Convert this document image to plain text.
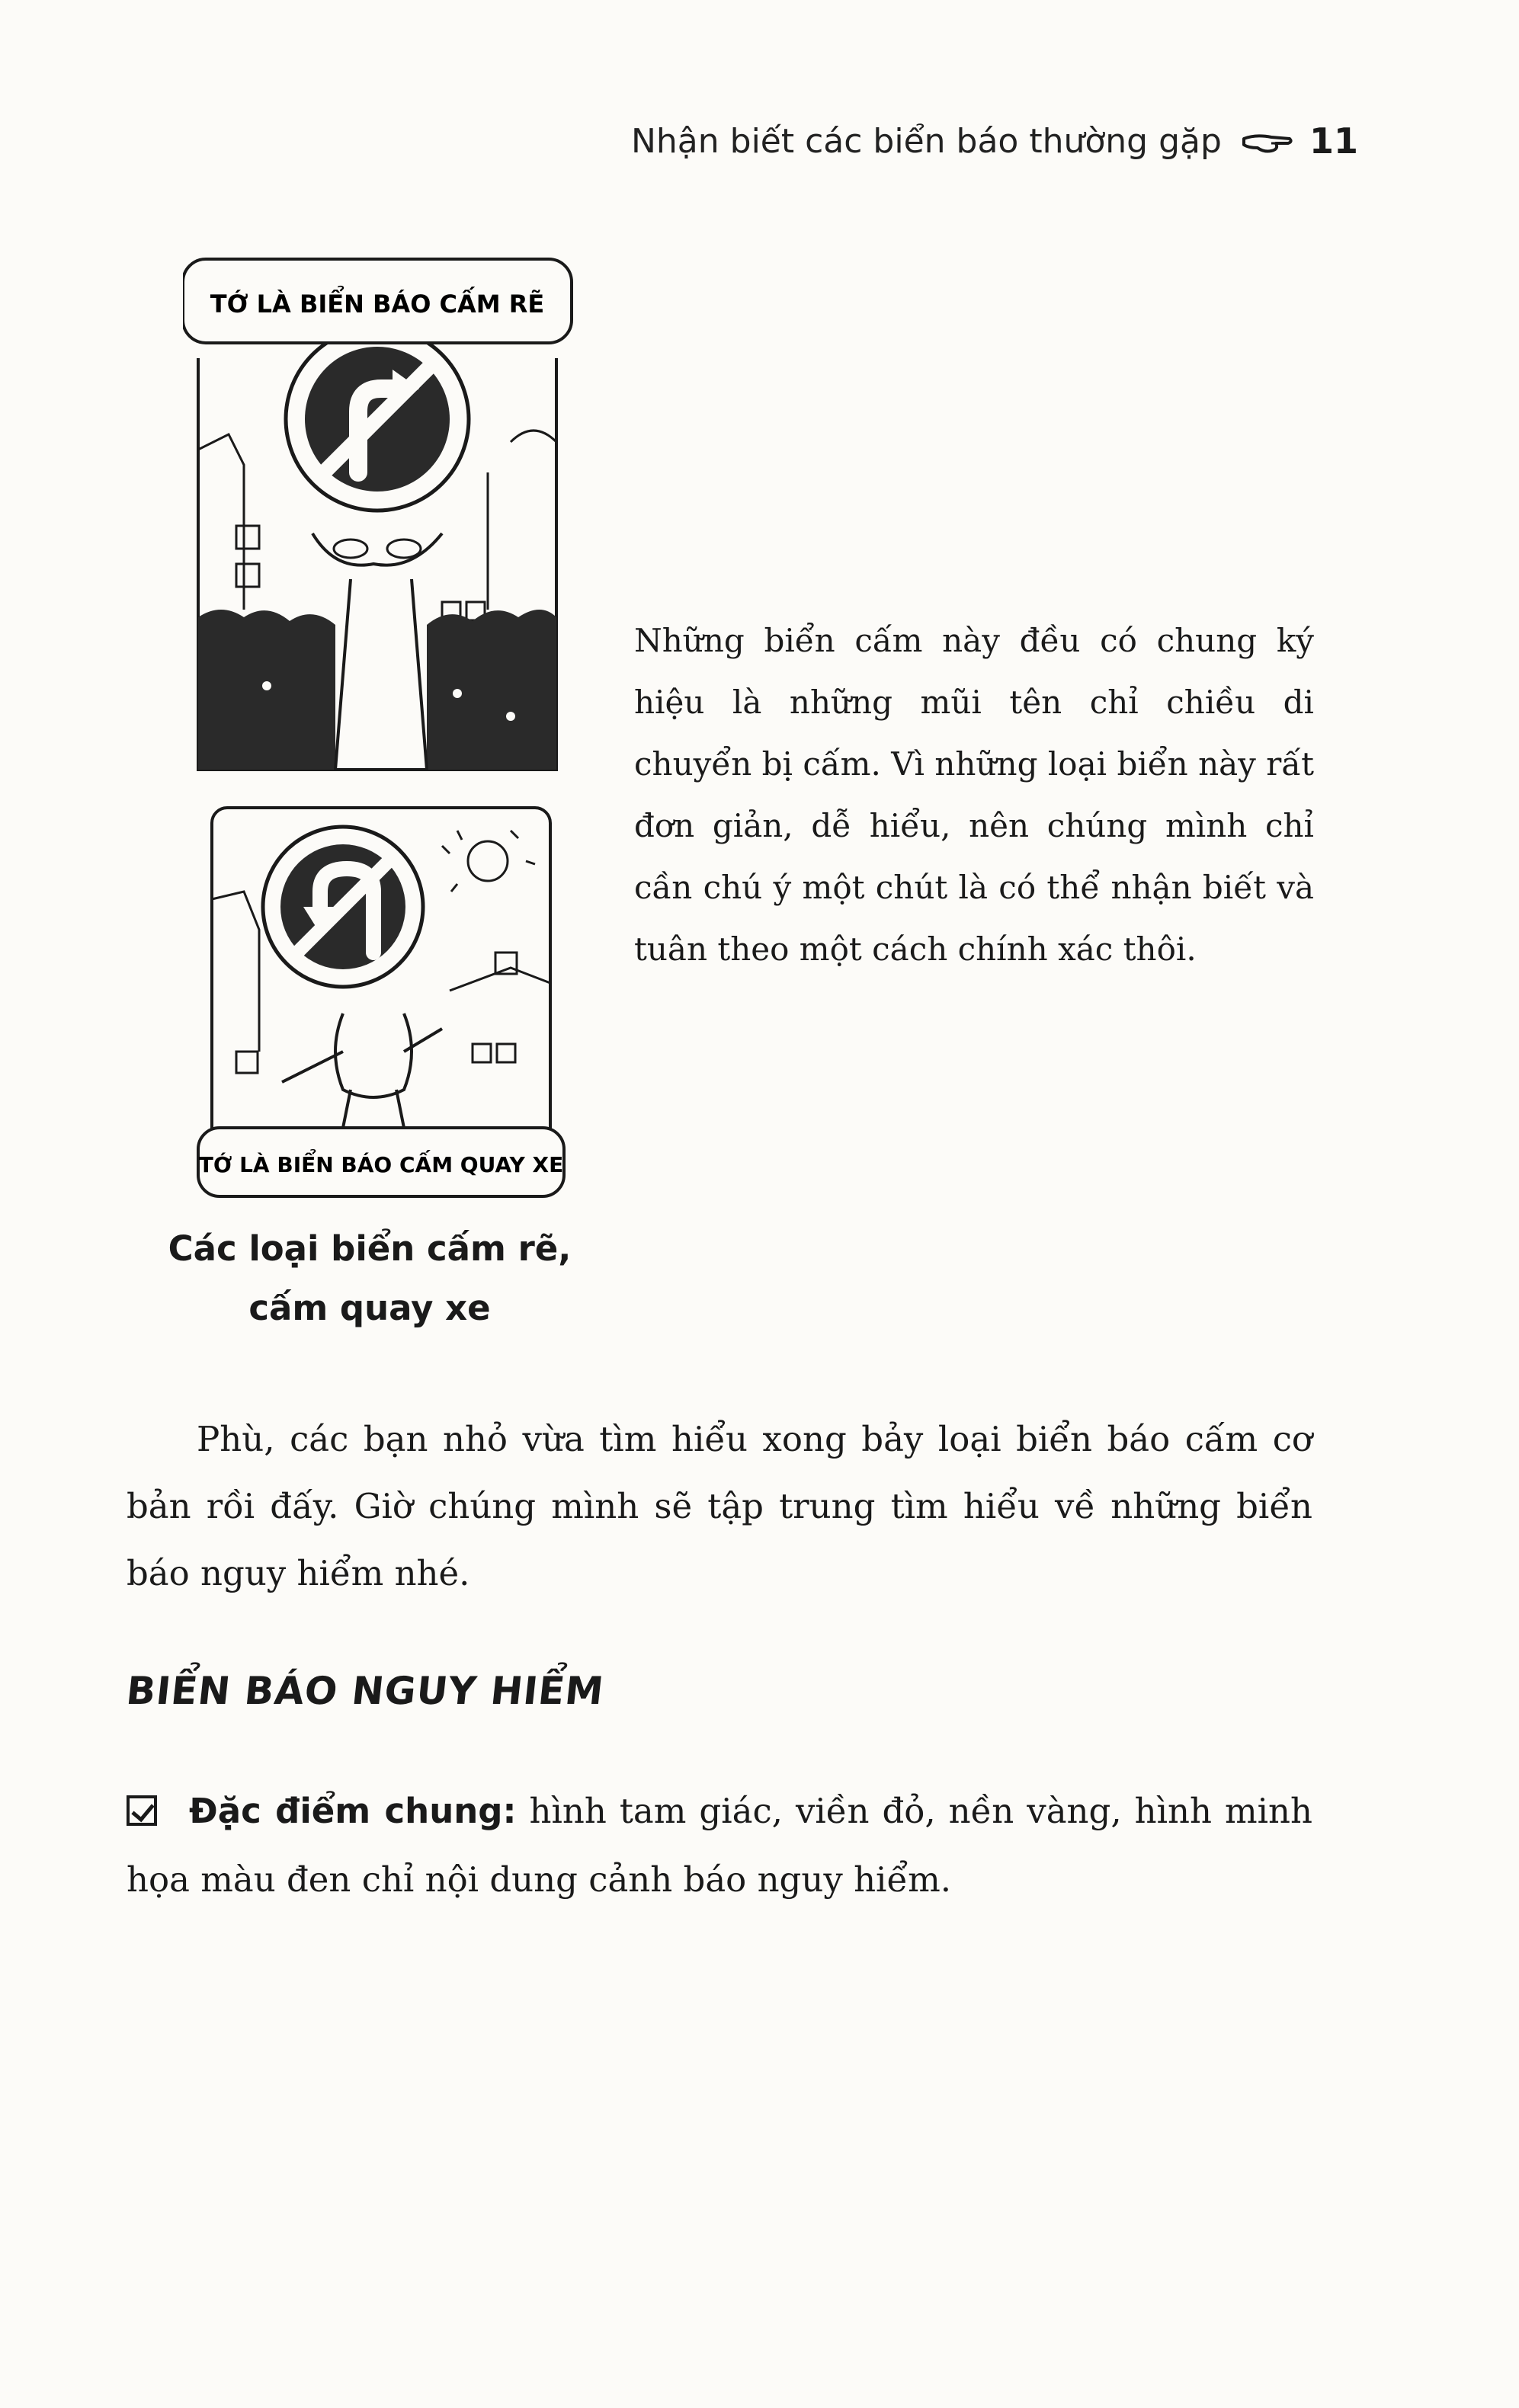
Nhận biết các biển báo thường gặp	11
TỚ LÀ BIỂN BÁO CẤM RẼ
TỚ LÀ BIỂN BÁO CẤM QUAY XE
Các loại biển cấm rẽ,
cấm quay xe

Những biển cấm này đều có chung ký hiệu là những mũi tên chỉ chiều di chuyển bị cấm. Vì những loại biển này rất đơn giản, dễ hiểu, nên chúng mình chỉ cần chú ý một chút là có thể nhận biết và tuân theo một cách chính xác thôi.

Phù, các bạn nhỏ vừa tìm hiểu xong bảy loại biển báo cấm cơ bản rồi đấy. Giờ chúng mình sẽ tập trung tìm hiểu về những biển báo nguy hiểm nhé.

BIỂN BÁO NGUY HIỂM
Đặc điểm chung: hình tam giác, viền đỏ, nền vàng, hình minh họa màu đen chỉ nội dung cảnh báo nguy hiểm.
